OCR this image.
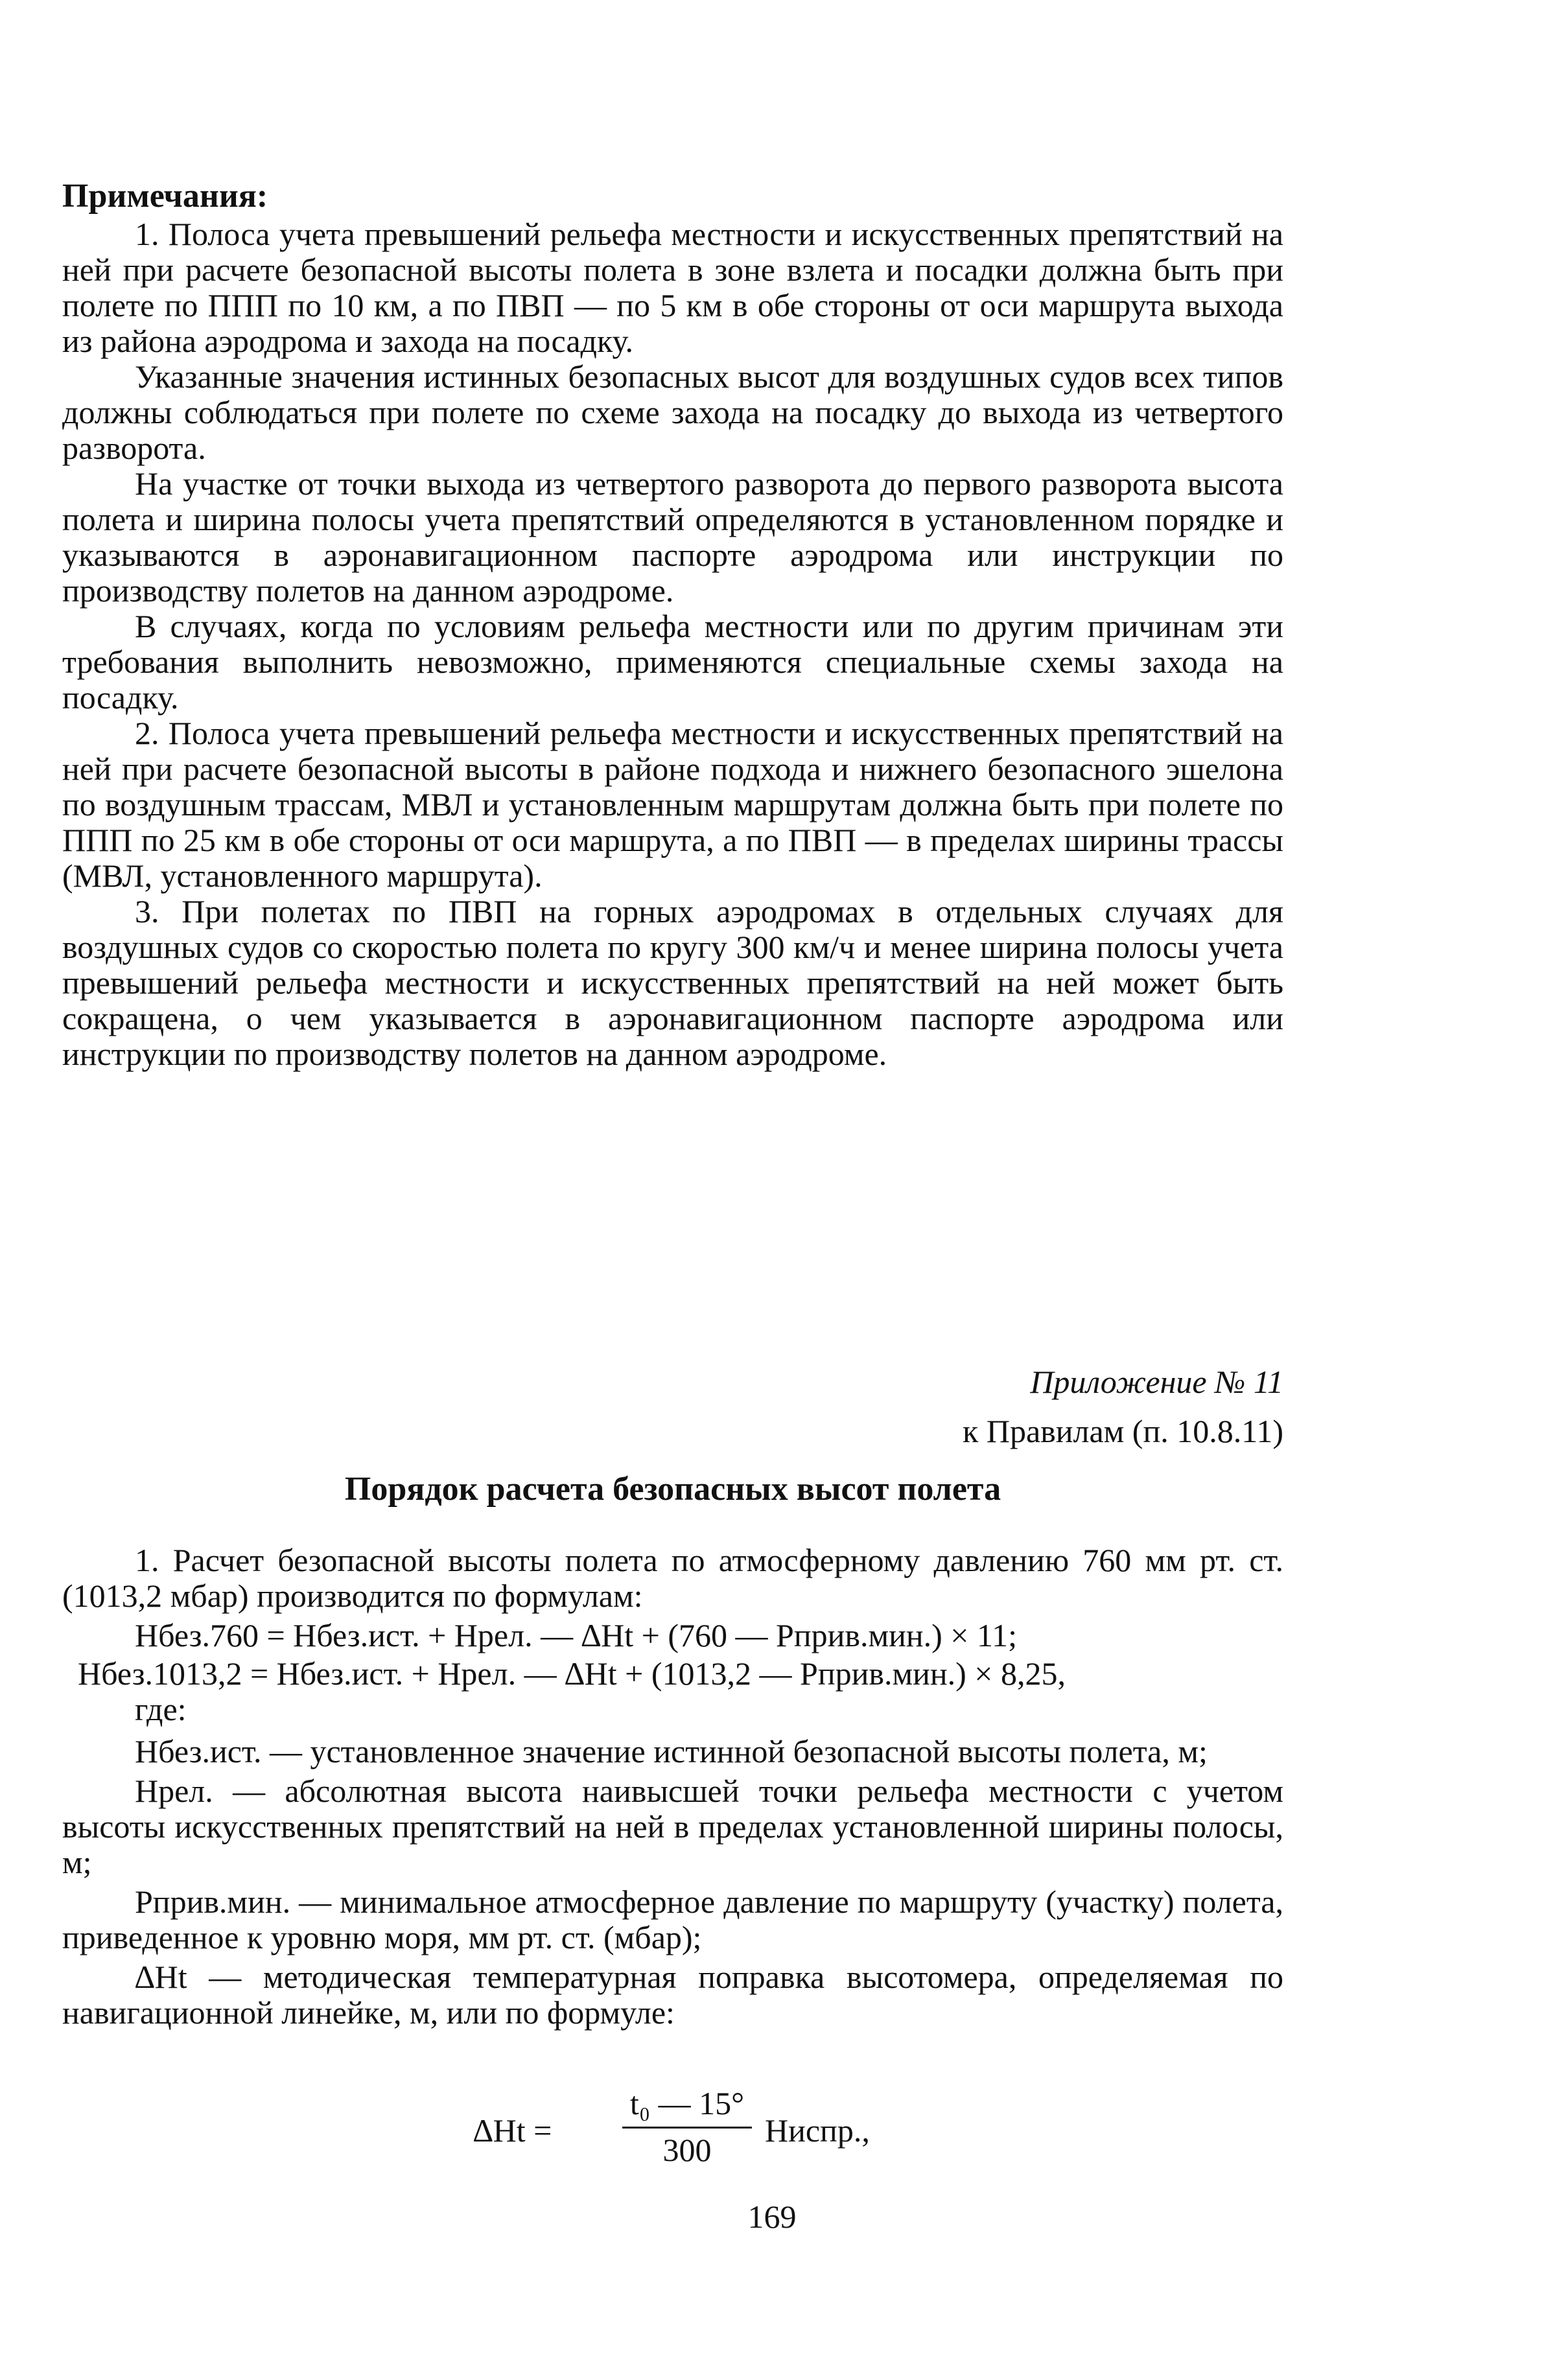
Примечания:

1. Полоса учета превышений рельефа местности и искусственных препятствий на ней при расчете безопасной высоты полета в зоне взлета и посадки должна быть при полете по ППП по 10 км, а по ПВП — по 5 км в обе стороны от оси маршрута выхода из района аэродрома и захода на посадку.

Указанные значения истинных безопасных высот для воздушных судов всех типов должны соблюдаться при полете по схеме захода на посадку до выхода из четвертого разворота.

На участке от точки выхода из четвертого разворота до первого разворота высота полета и ширина полосы учета препятствий определяются в установленном порядке и указываются в аэронавигационном паспорте аэродрома или инструкции по производству полетов на данном аэродроме.

В случаях, когда по условиям рельефа местности или по другим причинам эти требования выполнить невозможно, применяются специальные схемы захода на посадку.

2. Полоса учета превышений рельефа местности и искусственных препятствий на ней при расчете безопасной высоты в районе подхода и нижнего безопасного эшелона по воздушным трассам, МВЛ и установленным маршрутам должна быть при полете по ППП по 25 км в обе стороны от оси маршрута, а по ПВП — в пределах ширины трассы (МВЛ, установленного маршрута).

3. При полетах по ПВП на горных аэродромах в отдельных случаях для воздушных судов со скоростью полета по кругу 300 км/ч и менее ширина полосы учета превышений рельефа местности и искусственных препятствий на ней может быть сокращена, о чем указывается в аэронавигационном паспорте аэродрома или инструкции по производству полетов на данном аэродроме.

Приложение № 11
к Правилам (п. 10.8.11)
Порядок расчета безопасных высот полета

1. Расчет безопасной высоты полета по атмосферному давлению 760 мм рт. ст. (1013,2 мбар) производится по формулам:

Нбез.760 = Нбез.ист. + Нрел. — ∆Ht + (760 — Рприв.мин.) × 11;

Нбез.1013,2 = Нбез.ист. + Нрел. — ∆Ht + (1013,2 — Рприв.мин.) × 8,25,

где:

Нбез.ист. — установленное значение истинной безопасной высоты полета, м;

Нрел. — абсолютная высота наивысшей точки рельефа местности с учетом высоты искусственных препятствий на ней в пределах установленной ширины полосы, м;

Рприв.мин. — минимальное атмосферное давление по маршруту (участку) полета, приведенное к уровню моря, мм рт. ст. (мбар);

∆Ht — методическая температурная поправка высотомера, определяемая по навигационной линейке, м, или по формуле:

∆Ht =
t₀ — 15°
300
Ниспр.,
169
